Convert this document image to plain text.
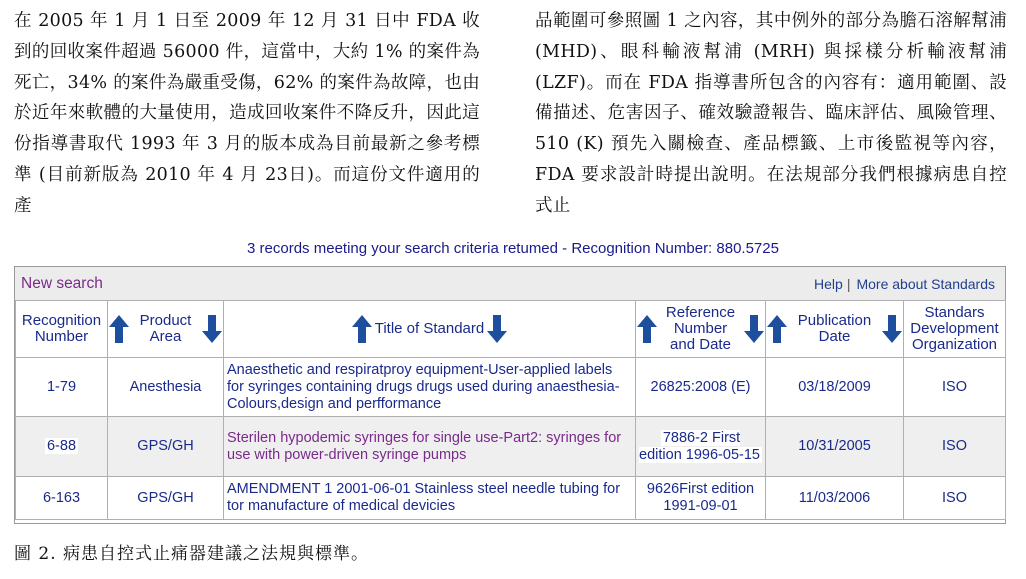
在 2005 年 1 月 1 日至 2009 年 12 月 31 日中 FDA 收到的回收案件超過 56000 件，這當中，大約 1% 的案件為死亡，34% 的案件為嚴重受傷，62% 的案件為故障，也由於近年來軟體的大量使用，造成回收案件不降反升，因此這份指導書取代 1993 年 3 月的版本成為目前最新之參考標準 (目前新版為 2010 年 4 月 23日)。而這份文件適用的產

品範圍可參照圖 1 之內容，其中例外的部分為膽石溶解幫浦 (MHD)、眼科輸液幫浦 (MRH) 與採樣分析輸液幫浦 (LZF)。而在 FDA 指導書所包含的內容有：適用範圍、設備描述、危害因子、確效驗證報告、臨床評估、風險管理、510 (K) 預先入關檢查、產品標籤、上市後監視等內容，FDA 要求設計時提出說明。在法規部分我們根據病患自控式止

3 records meeting your search criteria retumed - Recognition Number: 880.5725
New search	Help | More about Standards
Recognition Number	Product Area	Title of Standard	Reference Number and Date	Publication Date	Standars Development Organization

1-79	Anesthesia	Anaesthetic and respiratproy equipment-User-applied labels for syringes containing drugs drugs used during anaesthesia-Colours,design and perfformance	26825:2008 (E)	03/18/2009	ISO
6-88	GPS/GH	Sterilen hypodemic syringes for single use-Part2: syringes for use with power-driven syringe pumps	7886-2 First edition 1996-05-15	10/31/2005	ISO
6-163	GPS/GH	AMENDMENT 1 2001-06-01 Stainless steel needle tubing for tor manufacture of medical devicies	9626First edition 1991-09-01	11/03/2006	ISO
圖 2. 病患自控式止痛器建議之法規與標準。
